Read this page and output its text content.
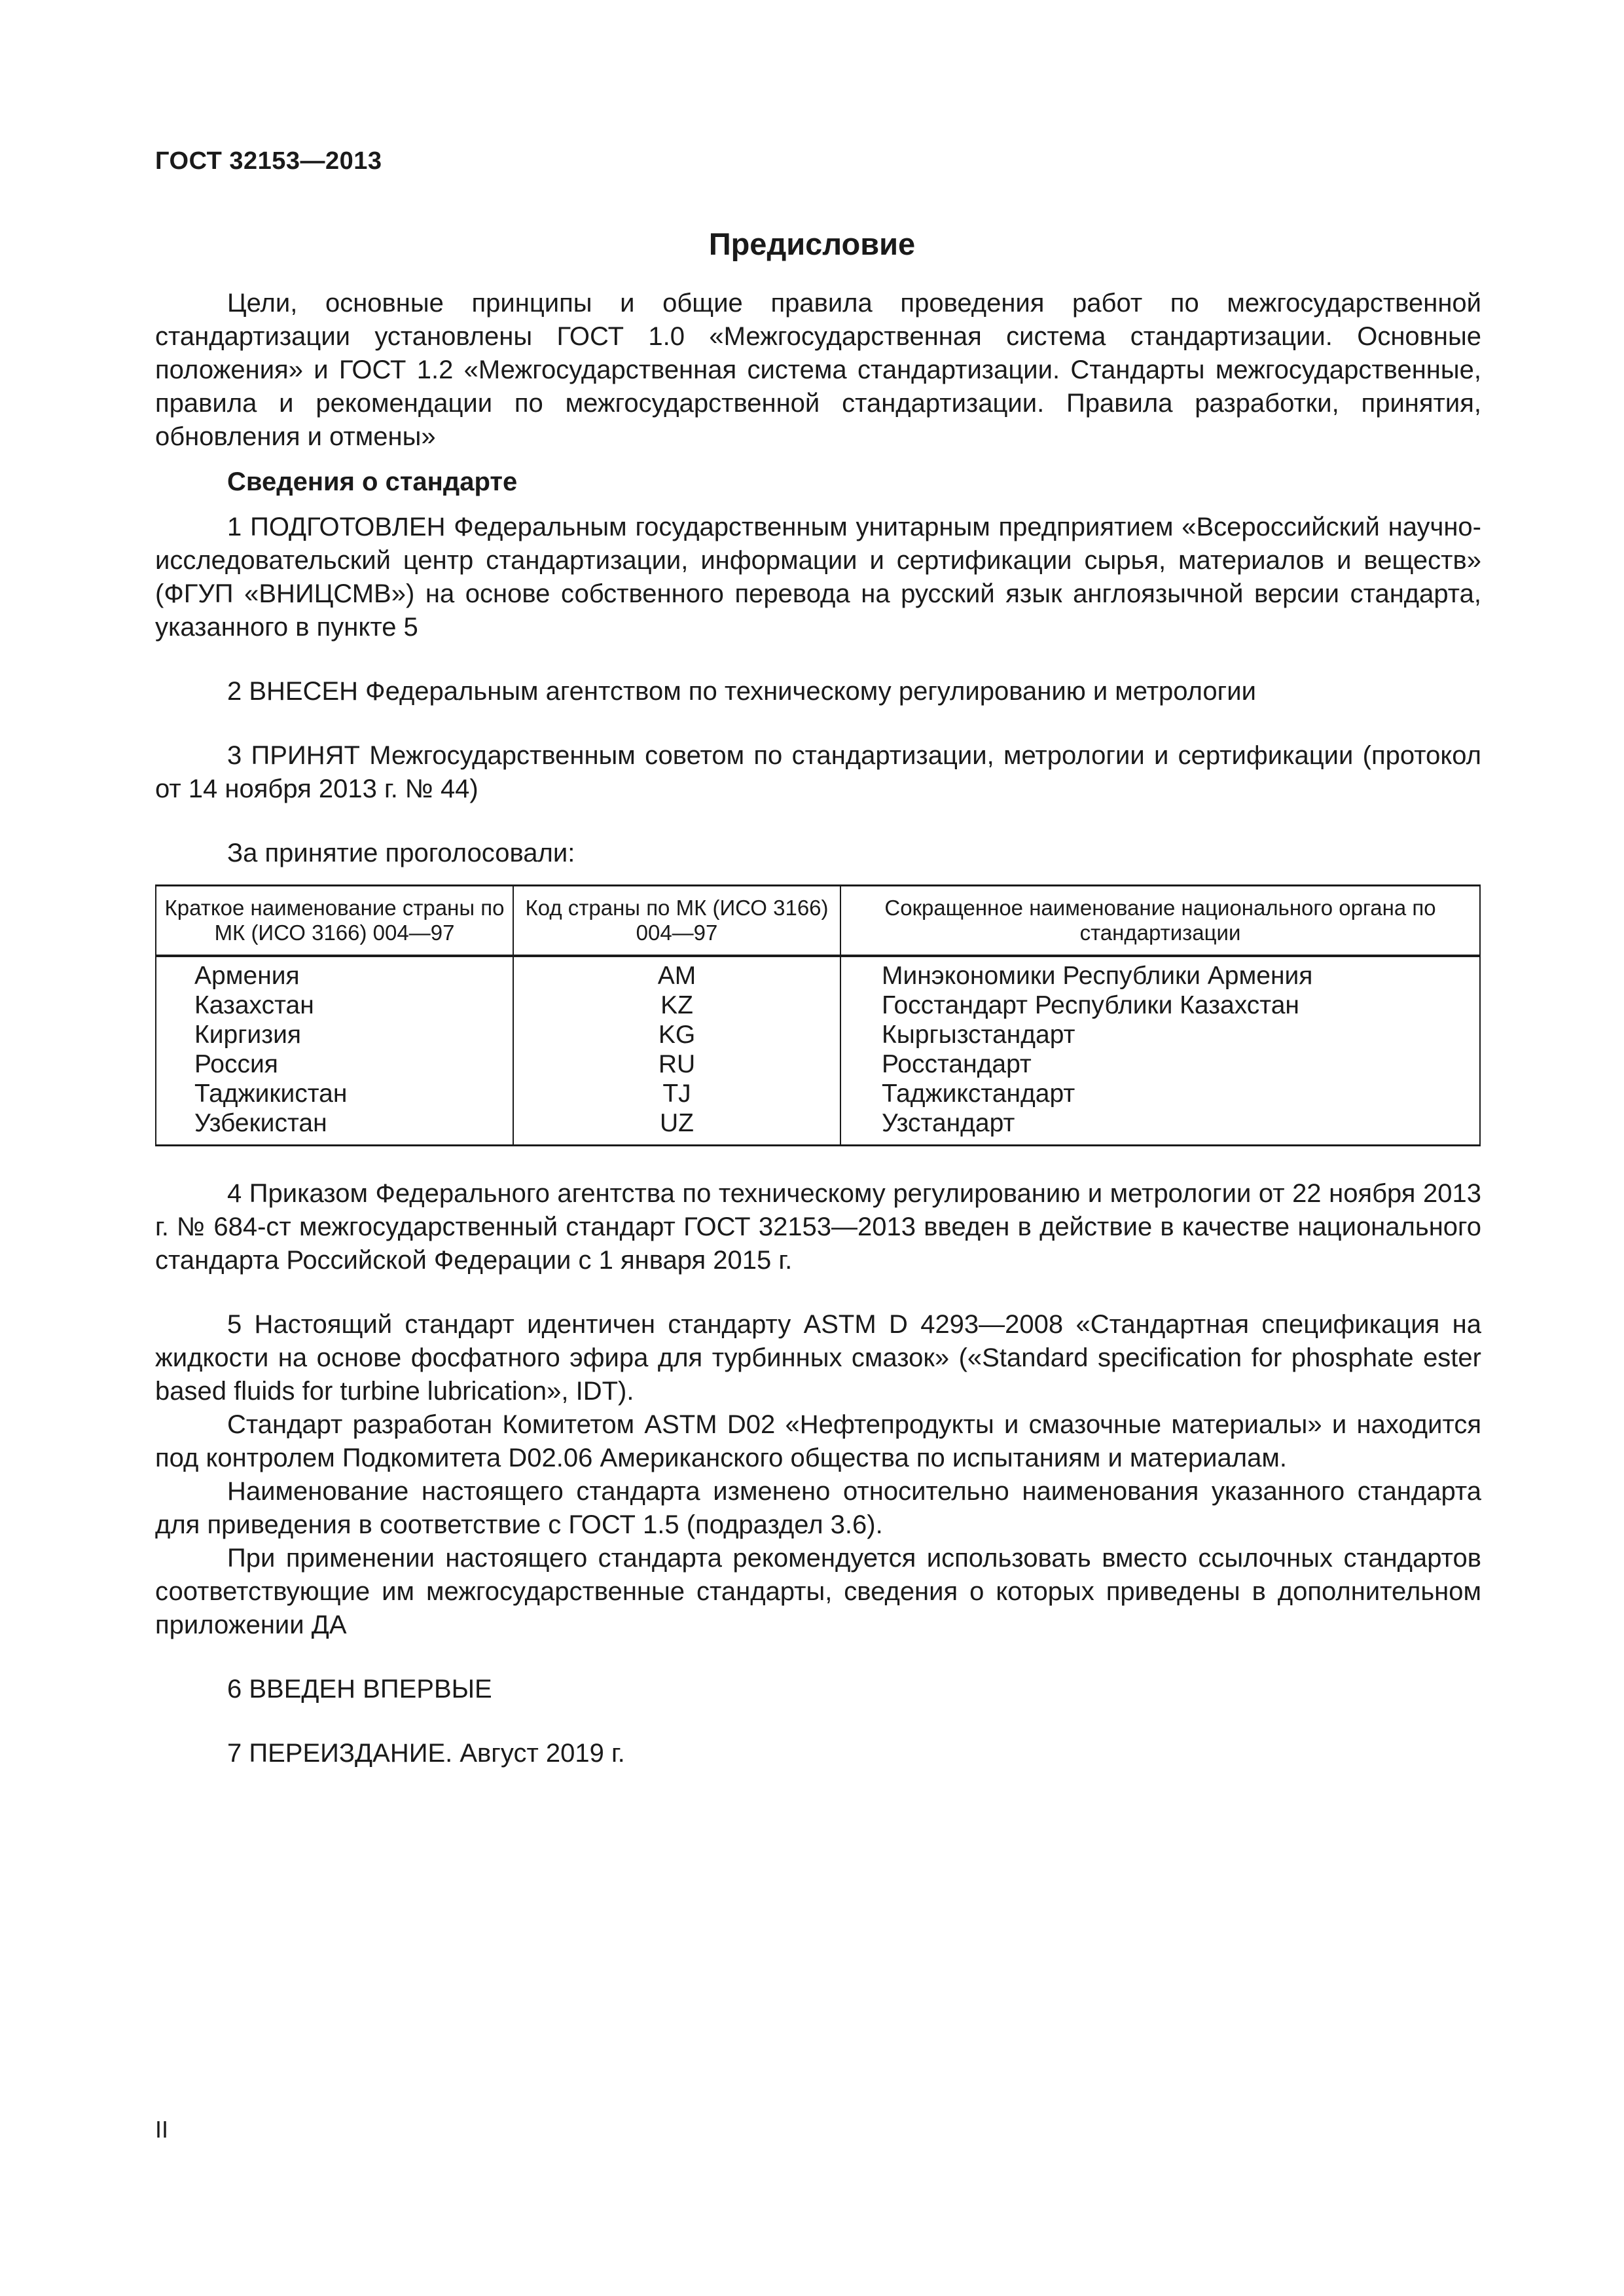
ГОСТ 32153—2013
Предисловие

Цели, основные принципы и общие правила проведения работ по межгосударственной стандартизации установлены ГОСТ 1.0 «Межгосударственная система стандартизации. Основные положения» и ГОСТ 1.2 «Межгосударственная система стандартизации. Стандарты межгосударственные, правила и рекомендации по межгосударственной стандартизации. Правила разработки, принятия, обновления и отмены»

Сведения о стандарте

1 ПОДГОТОВЛЕН Федеральным государственным унитарным предприятием «Всероссийский научно-исследовательский центр стандартизации, информации и сертификации сырья, материалов и веществ» (ФГУП «ВНИЦСМВ») на основе собственного перевода на русский язык англоязычной версии стандарта, указанного в пункте 5

2 ВНЕСЕН Федеральным агентством по техническому регулированию и метрологии

3 ПРИНЯТ Межгосударственным советом по стандартизации, метрологии и сертификации (протокол от 14 ноября 2013 г. № 44)

За принятие проголосовали:

Краткое наименование страны по МК (ИСО 3166) 004—97	Код страны по МК (ИСО 3166) 004—97	Сокращенное наименование национального органа по стандартизации
Армения	AM	Минэкономики Республики Армения
Казахстан	KZ	Госстандарт Республики Казахстан
Киргизия	KG	Кыргызстандарт
Россия	RU	Росстандарт
Таджикистан	TJ	Таджикстандарт
Узбекистан	UZ	Узстандарт

4 Приказом Федерального агентства по техническому регулированию и метрологии от 22 ноября 2013 г. № 684-ст межгосударственный стандарт ГОСТ 32153—2013 введен в действие в качестве национального стандарта Российской Федерации с 1 января 2015 г.

5 Настоящий стандарт идентичен стандарту ASTM D 4293—2008 «Стандартная спецификация на жидкости на основе фосфатного эфира для турбинных смазок» («Standard specification for phosphate ester based fluids for turbine lubrication», IDT).

Стандарт разработан Комитетом ASTM D02 «Нефтепродукты и смазочные материалы» и находится под контролем Подкомитета D02.06 Американского общества по испытаниям и материалам.

Наименование настоящего стандарта изменено относительно наименования указанного стандарта для приведения в соответствие с ГОСТ 1.5 (подраздел 3.6).

При применении настоящего стандарта рекомендуется использовать вместо ссылочных стандартов соответствующие им межгосударственные стандарты, сведения о которых приведены в дополнительном приложении ДА

6 ВВЕДЕН ВПЕРВЫЕ

7 ПЕРЕИЗДАНИЕ. Август 2019 г.

II
